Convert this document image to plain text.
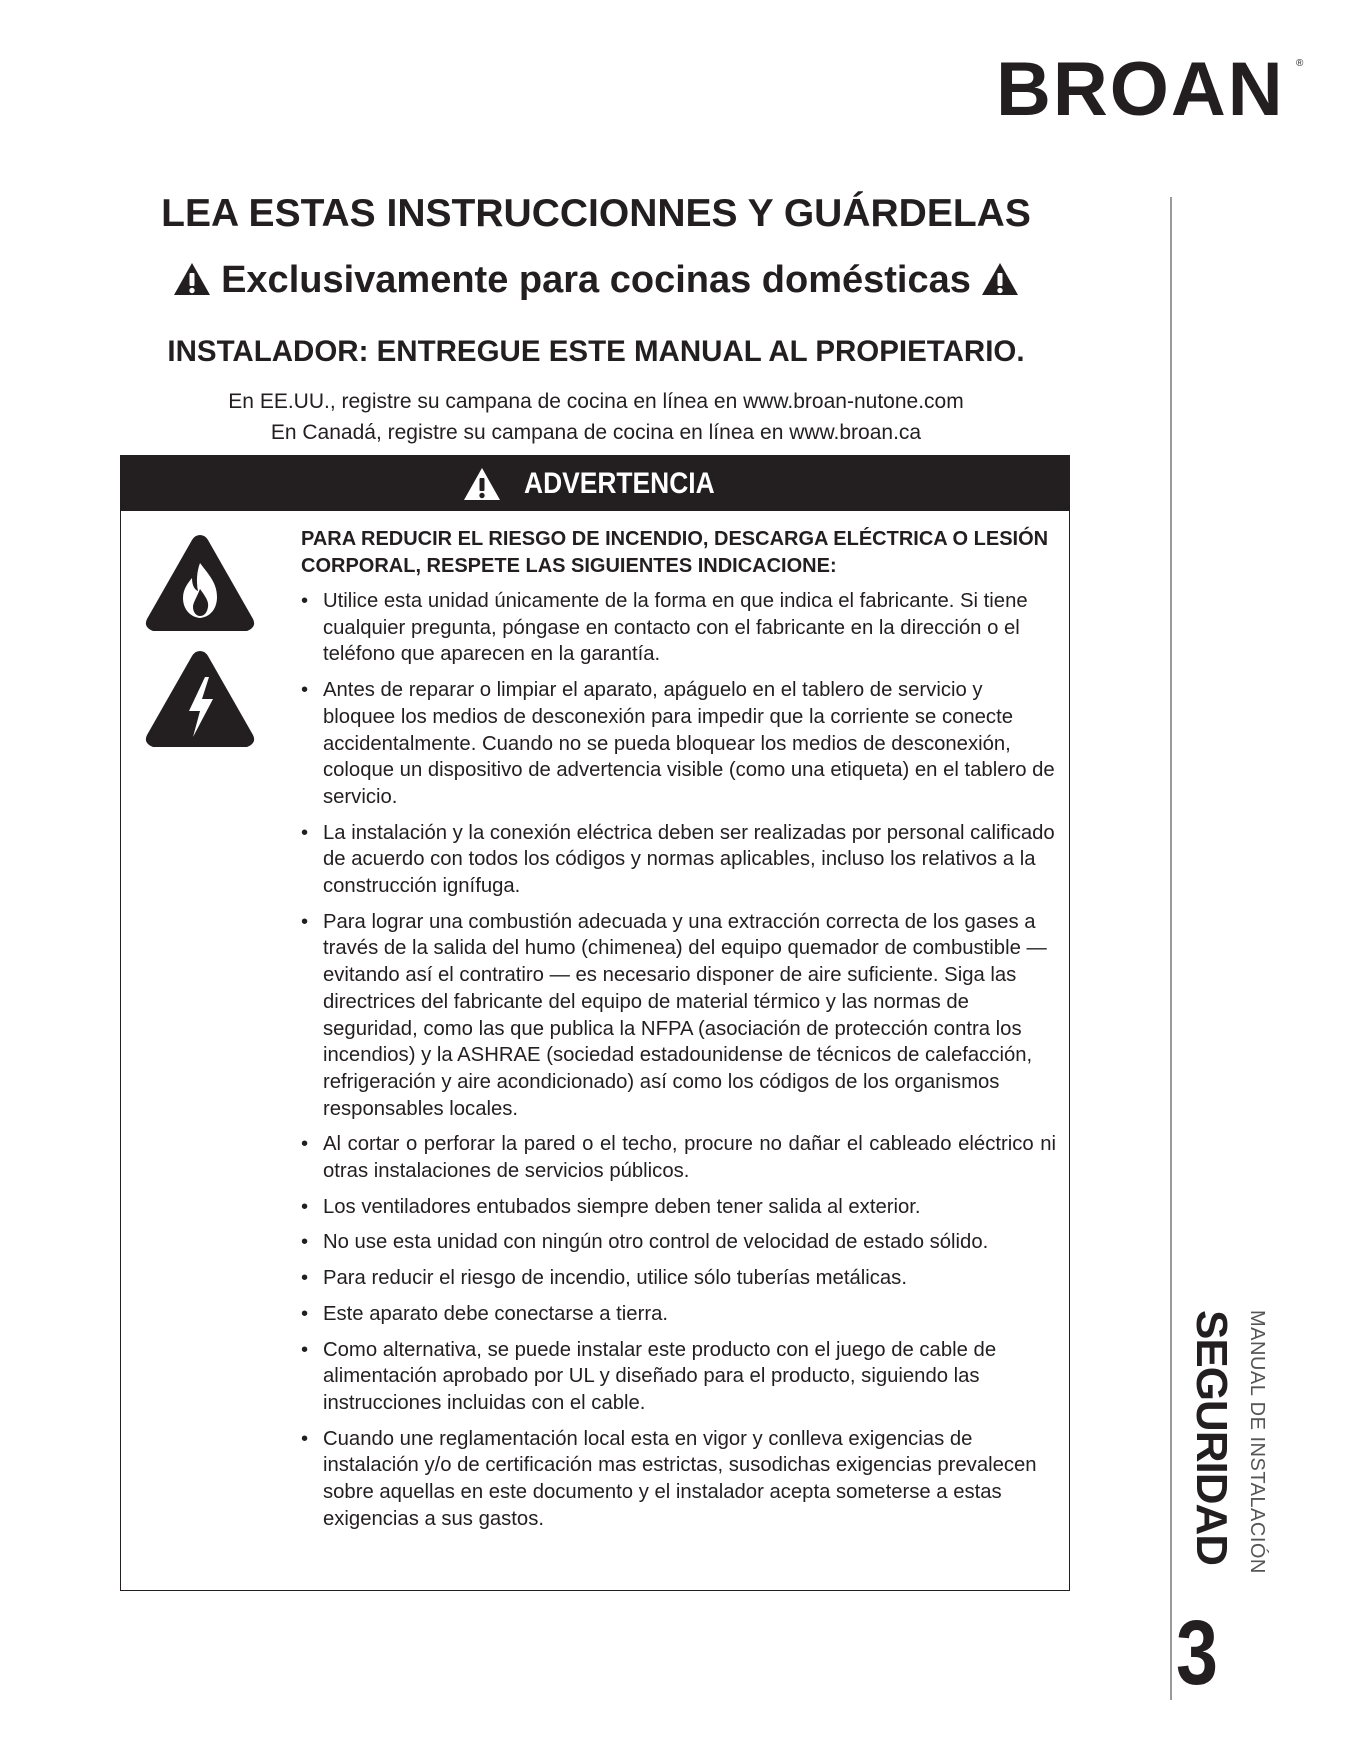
BROAN ®
LEA ESTAS INSTRUCCIONNES Y GUÁRDELAS
Exclusivamente para cocinas domésticas
INSTALADOR: ENTREGUE ESTE MANUAL AL PROPIETARIO.
En EE.UU., registre su campana de cocina en línea en www.broan-nutone.com
En Canadá, registre su campana de cocina en línea en www.broan.ca
ADVERTENCIA

PARA REDUCIR EL RIESGO DE INCENDIO, DESCARGA ELÉCTRICA O LESIÓN CORPORAL, RESPETE LAS SIGUIENTES INDICACIONE:

• Utilice esta unidad únicamente de la forma en que indica el fabricante. Si tiene cualquier pregunta, póngase en contacto con el fabricante en la dirección o el teléfono que aparecen en la garantía.
• Antes de reparar o limpiar el aparato, apáguelo en el tablero de servicio y bloquee los medios de desconexión para impedir que la corriente se conecte accidentalmente. Cuando no se pueda bloquear los medios de desconexión, coloque un dispositivo de advertencia visible (como una etiqueta) en el tablero de servicio.
• La instalación y la conexión eléctrica deben ser realizadas por personal calificado de acuerdo con todos los códigos y normas aplicables, incluso los relativos a la construcción ignífuga.
• Para lograr una combustión adecuada y una extracción correcta de los gases a través de la salida del humo (chimenea) del equipo quemador de combustible — evitando así el contratiro — es necesario disponer de aire suficiente. Siga las directrices del fabricante del equipo de material térmico y las normas de seguridad, como las que publica la NFPA (asociación de protección contra los incendios) y la ASHRAE (sociedad estadounidense de técnicos de calefacción, refrigeración y aire acondicionado) así como los códigos de los organismos responsables locales.
• Al cortar o perforar la pared o el techo, procure no dañar el cableado eléctrico ni otras instalaciones de servicios públicos.
• Los ventiladores entubados siempre deben tener salida al exterior.
• No use esta unidad con ningún otro control de velocidad de estado sólido.
• Para reducir el riesgo de incendio, utilice sólo tuberías metálicas.
• Este aparato debe conectarse a tierra.
• Como alternativa, se puede instalar este producto con el juego de cable de alimentación aprobado por UL y diseñado para el producto, siguiendo las instrucciones incluidas con el cable.
• Cuando une reglamentación local esta en vigor y conlleva exigencias de instalación y/o de certificación mas estrictas, susodichas exigencias prevalecen sobre aquellas en este documento y el instalador acepta someterse a estas exigencias a sus gastos.	SEGURIDAD MANUAL DE INSTALACIÓN
3
